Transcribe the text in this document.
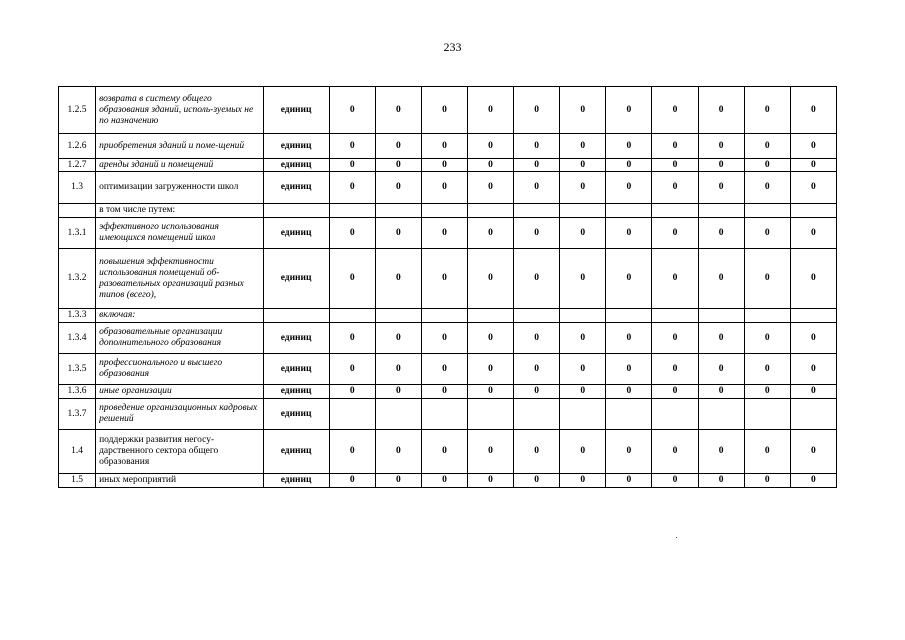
233
1.2.5	возврата в систему общего образования зданий, исполь-зуемых не по назначению	единиц	0	0	0	0	0	0	0	0	0	0	0
1.2.6	приобретения зданий и поме-щений	единиц	0	0	0	0	0	0	0	0	0	0	0
1.2.7	аренды зданий и помещений	единиц	0	0	0	0	0	0	0	0	0	0	0
1.3	оптимизации загруженности школ	единиц	0	0	0	0	0	0	0	0	0	0	0
	в том числе путем:												
1.3.1	эффективного использования имеющихся помещений школ	единиц	0	0	0	0	0	0	0	0	0	0	0
1.3.2	повышения эффективности использования помещений об-разовательных организаций разных типов (всего),	единиц	0	0	0	0	0	0	0	0	0	0	0
1.3.3	включая:												
1.3.4	образовательные организации дополнительного образования	единиц	0	0	0	0	0	0	0	0	0	0	0
1.3.5	профессионального и высшего образования	единиц	0	0	0	0	0	0	0	0	0	0	0
1.3.6	иные организации	единиц	0	0	0	0	0	0	0	0	0	0	0
1.3.7	проведение организационных кадровых решений	единиц											
1.4	поддержки развития негосу-дарственного сектора общего образования	единиц	0	0	0	0	0	0	0	0	0	0	0
1.5	иных мероприятий	единиц	0	0	0	0	0	0	0	0	0	0	0
